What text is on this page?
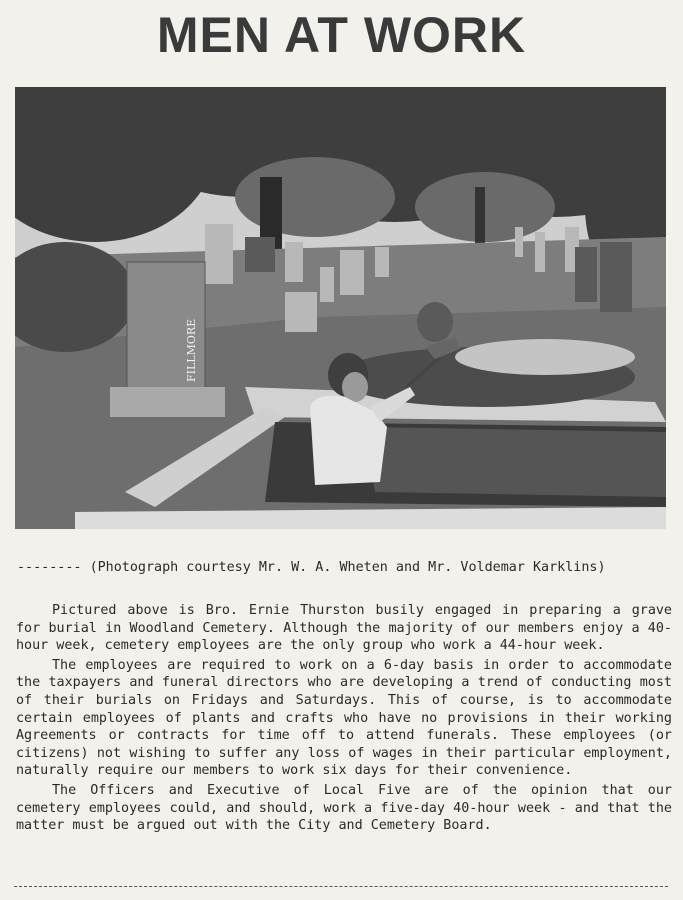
MEN AT WORK
FILLMORE
-------- (Photograph courtesy Mr. W. A. Wheten and Mr. Voldemar Karklins)

Pictured above is Bro. Ernie Thurston busily engaged in preparing a grave for burial in Woodland Cemetery. Although the majority of our members enjoy a 40-hour week, cemetery employees are the only group who work a 44-hour week.

The employees are required to work on a 6-day basis in order to accommodate the taxpayers and funeral directors who are developing a trend of conducting most of their burials on Fridays and Saturdays. This of course, is to accommodate certain employees of plants and crafts who have no provisions in their working Agreements or contracts for time off to attend funerals. These employees (or citizens) not wishing to suffer any loss of wages in their particular employment, naturally require our members to work six days for their convenience.

The Officers and Executive of Local Five are of the opinion that our cemetery employees could, and should, work a five-day 40-hour week - and that the matter must be argued out with the City and Cemetery Board.
